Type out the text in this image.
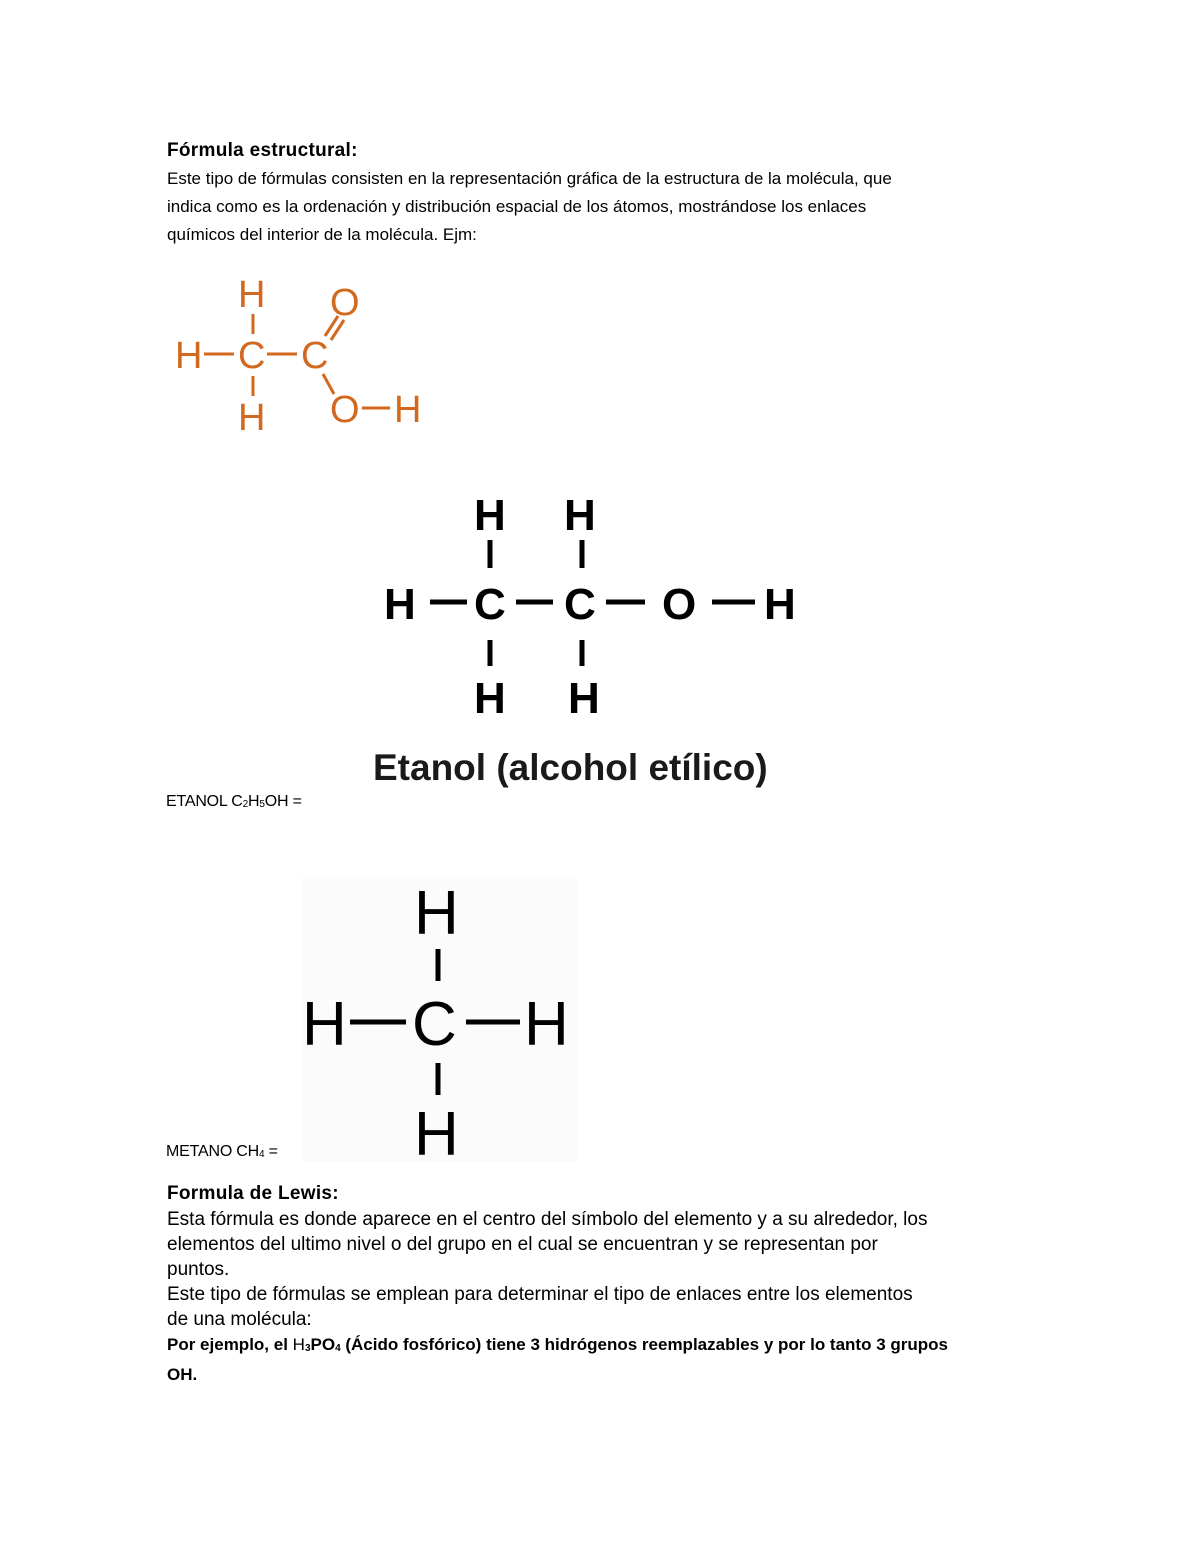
Fórmula estructural:
Este tipo de fórmulas consisten en la representación gráfica de la estructura de la molécula, que
indica como es la ordenación y distribución espacial de los átomos, mostrándose los enlaces
químicos del interior de la molécula. Ejm:
H O
H C C
H O H
H H
H C C O H
H H
Etanol (alcohol etílico)
ETANOL $C_2H_5OH$ =
H
H C H
H
METANO $CH_4$ =
Formula de Lewis:
Esta fórmula es donde aparece en el centro del símbolo del elemento y a su alrededor, los
elementos del ultimo nivel o del grupo en el cual se encuentran y se representan por
puntos.
Este tipo de fórmulas se emplean para determinar el tipo de enlaces entre los elementos
de una molécula:
Por ejemplo, el $H_3PO_4$ (Ácido fosfórico) tiene 3 hidrógenos reemplazables y por lo tanto 3 grupos
OH.
